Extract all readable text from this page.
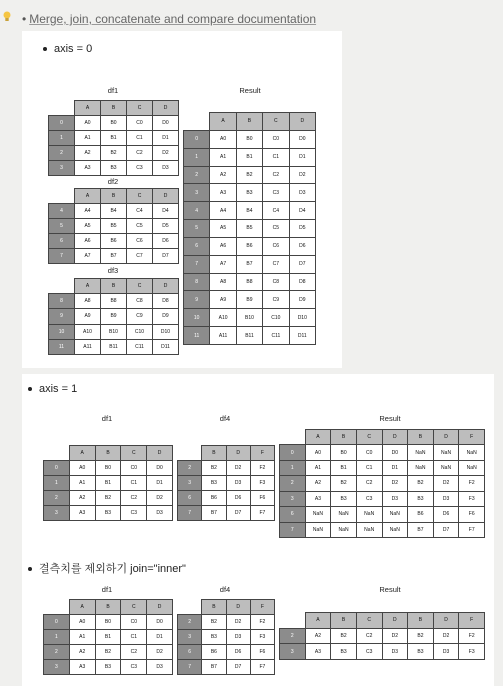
• Merge, join, concatenate and compare documentation
axis = 0
df1
	A	B	C	D
0	A0	B0	C0	D0
1	A1	B1	C1	D1
2	A2	B2	C2	D2
3	A3	B3	C3	D3
df2
	A	B	C	D
4	A4	B4	C4	D4
5	A5	B5	C5	D5
6	A6	B6	C6	D6
7	A7	B7	C7	D7
df3
	A	B	C	D
8	A8	B8	C8	D8
9	A9	B9	C9	D9
10	A10	B10	C10	D10
11	A11	B11	C11	D11
Result
	A	B	C	D
0	A0	B0	C0	D0
1	A1	B1	C1	D1
2	A2	B2	C2	D2
3	A3	B3	C3	D3
4	A4	B4	C4	D4
5	A5	B5	C5	D5
6	A6	B6	C6	D6
7	A7	B7	C7	D7
8	A8	B8	C8	D8
9	A9	B9	C9	D9
10	A10	B10	C10	D10
11	A11	B11	C11	D11
axis = 1
df1
	A	B	C	D
0	A0	B0	C0	D0
1	A1	B1	C1	D1
2	A2	B2	C2	D2
3	A3	B3	C3	D3
df4
	B	D	F
2	B2	D2	F2
3	B3	D3	F3
6	B6	D6	F6
7	B7	D7	F7
Result
	A	B	C	D	B	D	F
0	A0	B0	C0	D0	NaN	NaN	NaN
1	A1	B1	C1	D1	NaN	NaN	NaN
2	A2	B2	C2	D2	B2	D2	F2
3	A3	B3	C3	D3	B3	D3	F3
6	NaN	NaN	NaN	NaN	B6	D6	F6
7	NaN	NaN	NaN	NaN	B7	D7	F7
결측치를 제외하기 join="inner"
df1
	A	B	C	D
0	A0	B0	C0	D0
1	A1	B1	C1	D1
2	A2	B2	C2	D2
3	A3	B3	C3	D3
df4
	B	D	F
2	B2	D2	F2
3	B3	D3	F3
6	B6	D6	F6
7	B7	D7	F7
Result
	A	B	C	D	B	D	F
2	A2	B2	C2	D2	B2	D2	F2
3	A3	B3	C3	D3	B3	D3	F3
